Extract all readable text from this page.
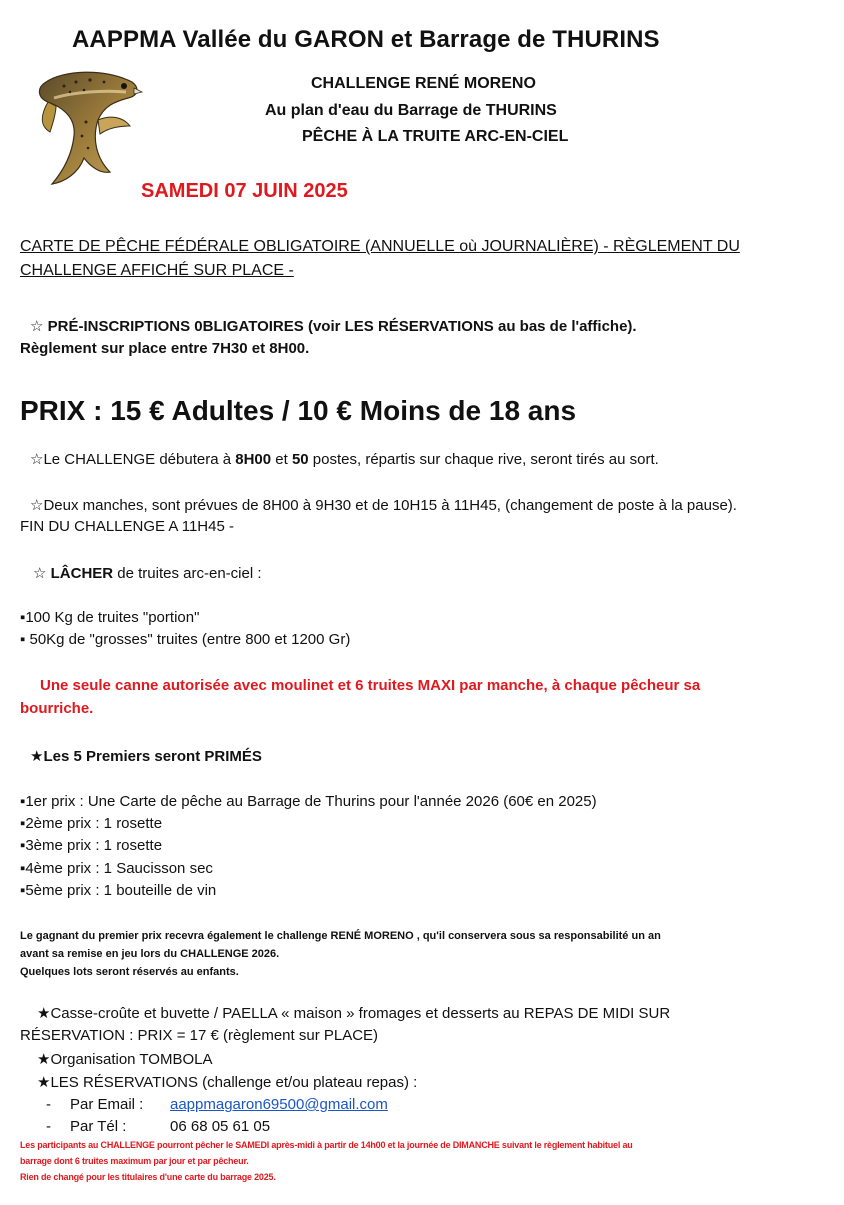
AAPPMA Vallée du GARON et Barrage de THURINS
CHALLENGE RENÉ MORENO
Au plan d'eau du Barrage de THURINS
PÊCHE À LA TRUITE ARC-EN-CIEL
SAMEDI 07 JUIN 2025
CARTE DE PÊCHE FÉDÉRALE OBLIGATOIRE (ANNUELLE où JOURNALIÈRE) - RÈGLEMENT DU
CHALLENGE AFFICHÉ SUR PLACE -
☆ PRÉ-INSCRIPTIONS 0BLIGATOIRES (voir LES RÉSERVATIONS au bas de l'affiche).
Règlement sur place entre 7H30 et 8H00.
PRIX : 15 € Adultes / 10 € Moins de 18 ans
☆Le CHALLENGE débutera à 8H00 et 50 postes, répartis sur chaque rive, seront tirés au sort.
☆Deux manches, sont prévues de 8H00 à 9H30 et de 10H15 à 11H45, (changement de poste à la pause).
FIN DU CHALLENGE A 11H45 -
☆ LÂCHER de truites arc-en-ciel :
▪100 Kg de truites "portion"
▪ 50Kg de "grosses" truites (entre 800 et 1200 Gr)
Une seule canne autorisée avec moulinet et 6 truites MAXI par manche, à chaque pêcheur sa
bourriche.
★Les 5 Premiers seront PRIMÉS
▪1er prix : Une Carte de pêche au Barrage de Thurins pour l'année 2026 (60€ en 2025)
▪2ème prix : 1 rosette
▪3ème prix : 1 rosette
▪4ème prix : 1 Saucisson sec
▪5ème prix : 1 bouteille de vin
Le gagnant du premier prix recevra également le challenge RENÉ MORENO , qu'il conservera sous sa responsabilité un an
avant sa remise en jeu lors du CHALLENGE 2026.
Quelques lots seront réservés au enfants.
★Casse-croûte et buvette / PAELLA « maison » fromages et desserts au REPAS DE MIDI SUR
RÉSERVATION : PRIX = 17 € (règlement sur PLACE)
★Organisation TOMBOLA
★LES RÉSERVATIONS (challenge et/ou plateau repas) :
- Par Email : aappmagaron69500@gmail.com
- Par Tél :	06 68 05 61 05
Les participants au CHALLENGE pourront pêcher le SAMEDI après-midi à partir de 14h00 et la journée de DIMANCHE suivant le règlement habituel au
barrage dont 6 truites maximum par jour et par pêcheur.
Rien de changé pour les titulaires d'une carte du barrage 2025.
